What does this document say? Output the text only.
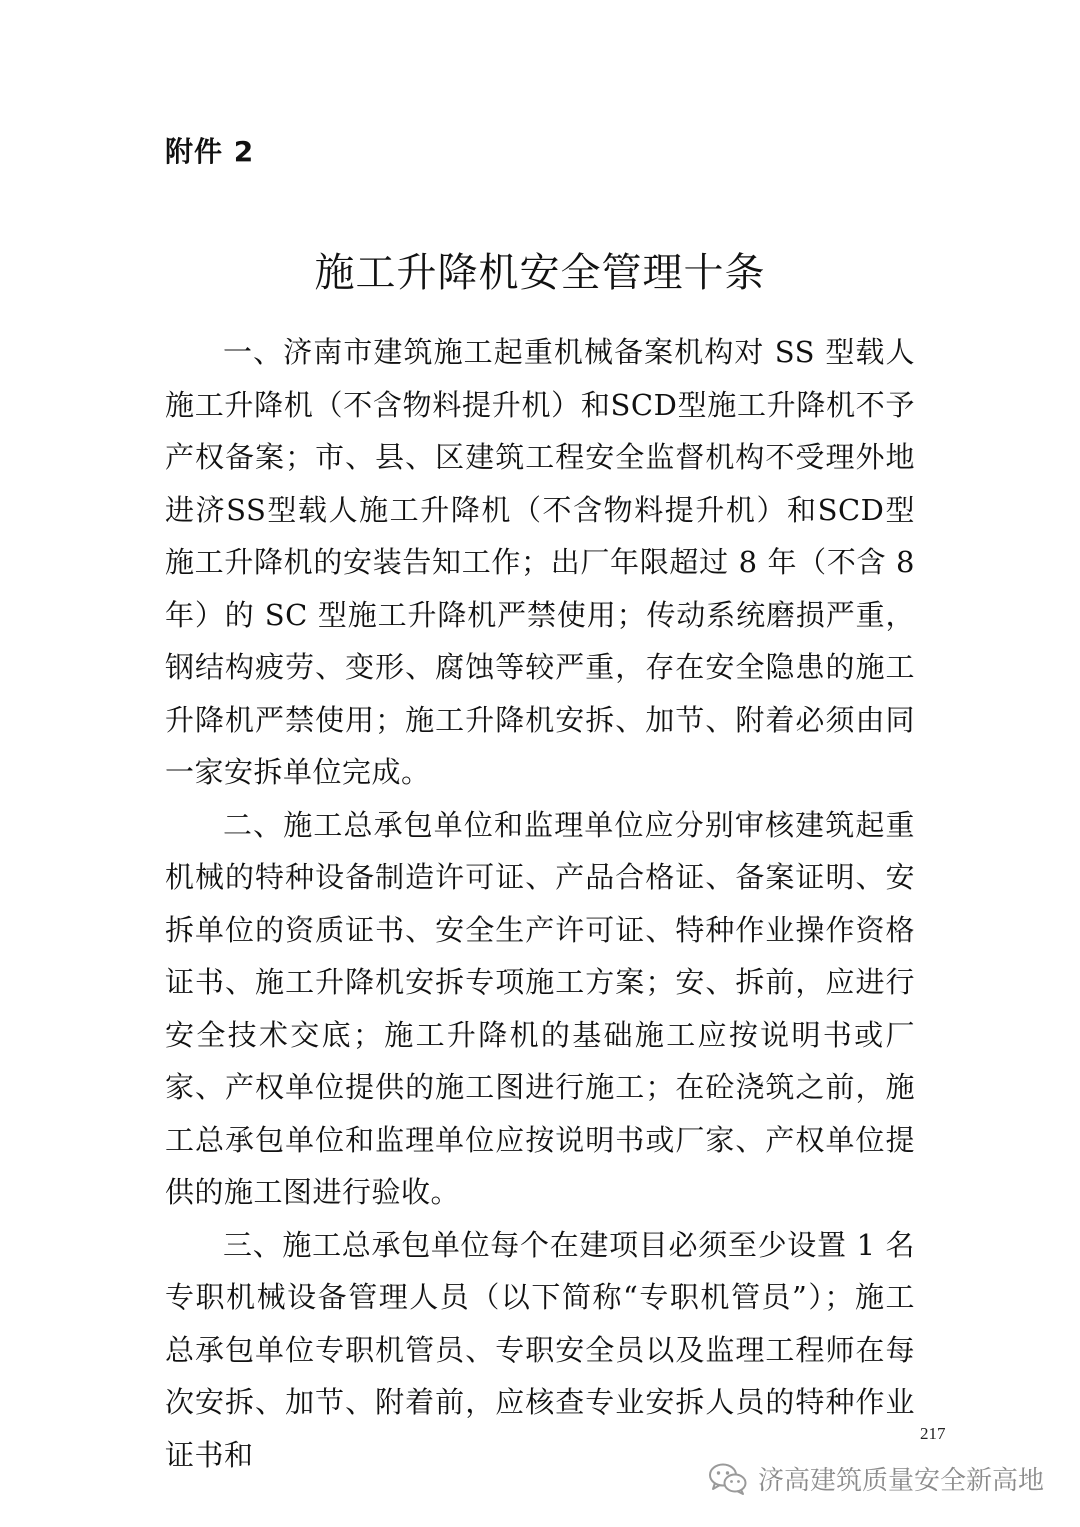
附件 2
施工升降机安全管理十条

一、济南市建筑施工起重机械备案机构对 SS 型载人施工升降机（不含物料提升机）和SCD型施工升降机不予产权备案；市、县、区建筑工程安全监督机构不受理外地进济SS型载人施工升降机（不含物料提升机）和SCD型施工升降机的安装告知工作；出厂年限超过 8 年（不含 8 年）的 SC 型施工升降机严禁使用；传动系统磨损严重，钢结构疲劳、变形、腐蚀等较严重，存在安全隐患的施工升降机严禁使用；施工升降机安拆、加节、附着必须由同一家安拆单位完成。

二、施工总承包单位和监理单位应分别审核建筑起重机械的特种设备制造许可证、产品合格证、备案证明、安拆单位的资质证书、安全生产许可证、特种作业操作资格证书、施工升降机安拆专项施工方案；安、拆前，应进行安全技术交底；施工升降机的基础施工应按说明书或厂家、产权单位提供的施工图进行施工；在砼浇筑之前，施工总承包单位和监理单位应按说明书或厂家、产权单位提供的施工图进行验收。

三、施工总承包单位每个在建项目必须至少设置 1 名专职机械设备管理人员（以下简称“专职机管员”）；施工总承包单位专职机管员、专职安全员以及监理工程师在每次安拆、加节、附着前，应核查专业安拆人员的特种作业证书和

217
济高建筑质量安全新高地
